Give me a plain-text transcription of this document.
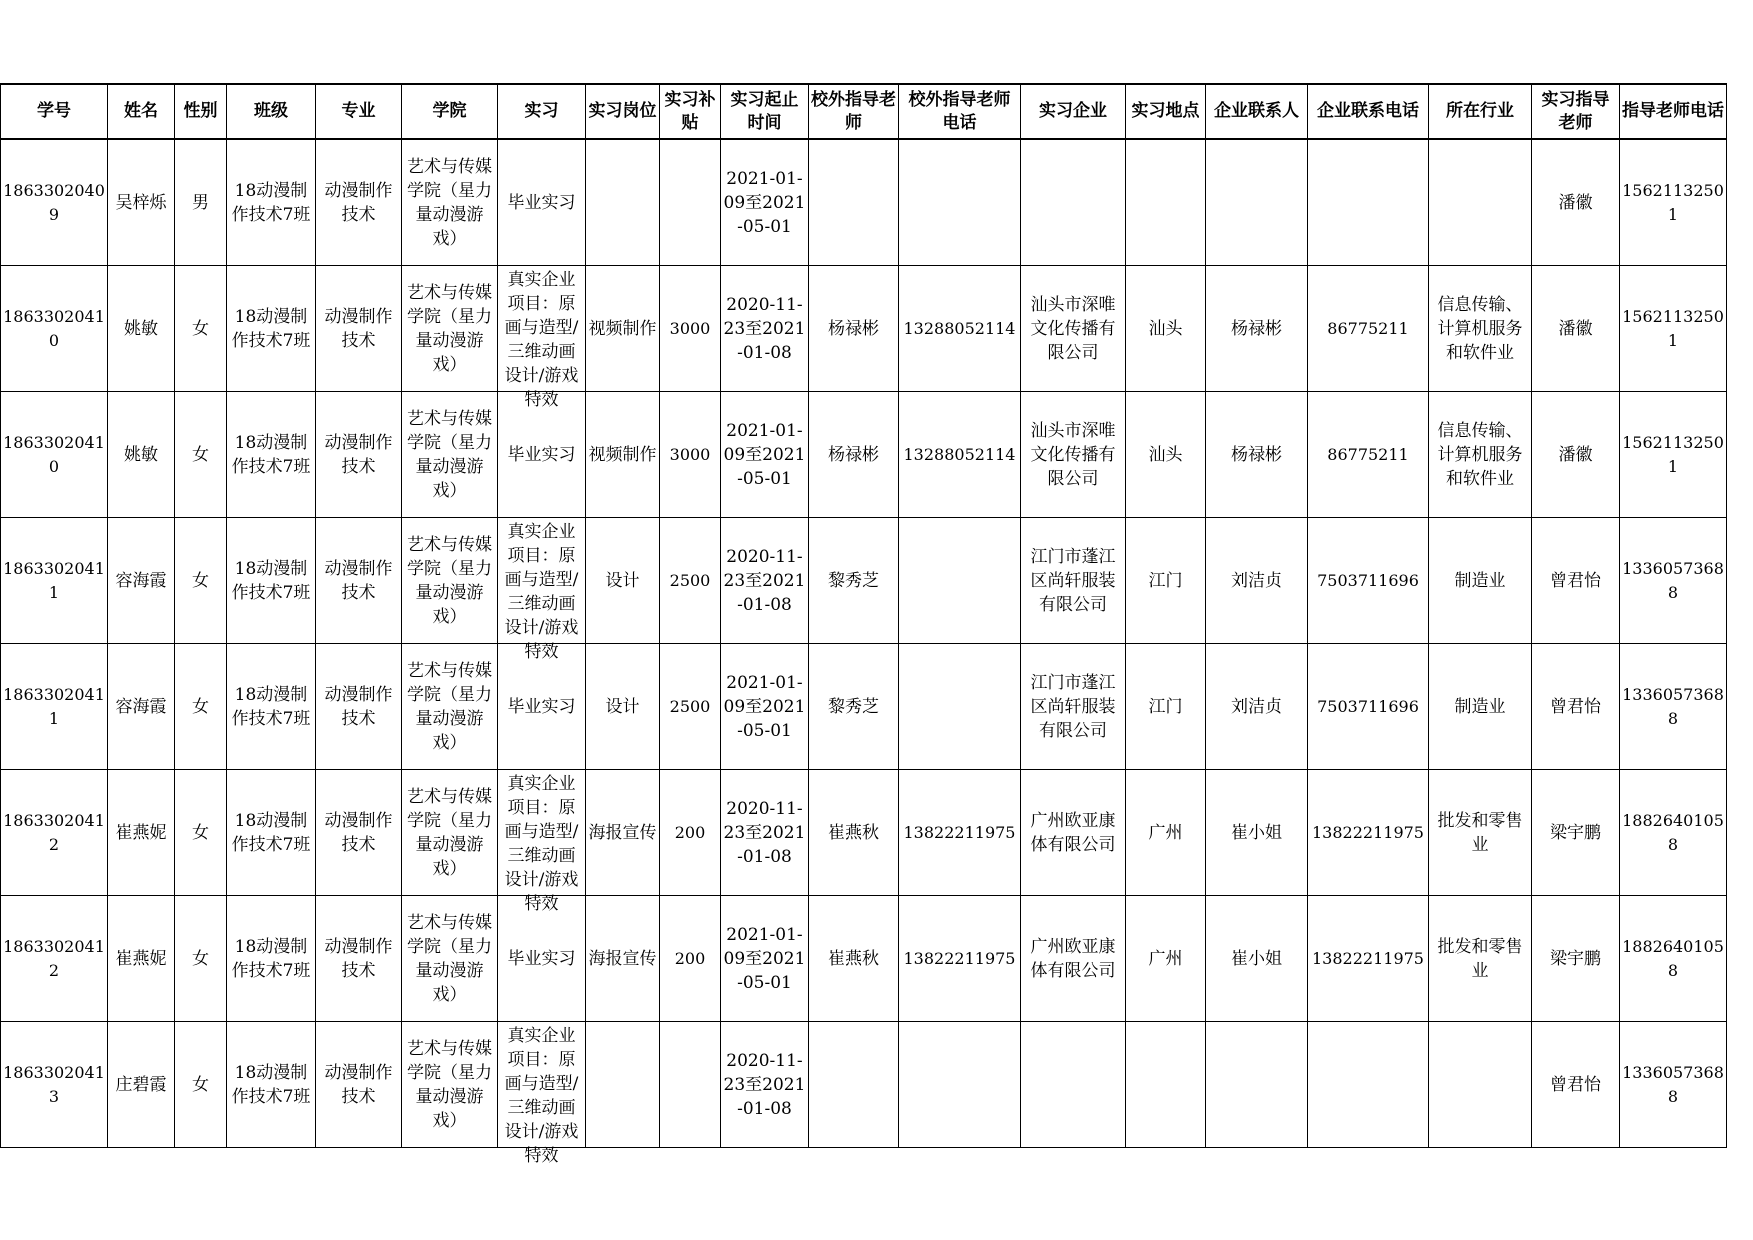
学号	姓名	性别	班级	专业	学院	实习	实习岗位	实习补贴	实习起止时间	校外指导老师	校外指导老师电话	实习企业	实习地点	企业联系人	企业联系电话	所在行业	实习指导老师	指导老师电话
18633020409	吴梓烁	男	18动漫制作技术7班	动漫制作技术	艺术与传媒学院（星力量动漫游戏）	毕业实习			2021-01-09至2021-05-01								潘徽	15621132501
18633020410	姚敏	女	18动漫制作技术7班	动漫制作技术	艺术与传媒学院（星力量动漫游戏）	真实企业项目：原画与造型/三维动画设计/游戏特效	视频制作	3000	2020-11-23至2021-01-08	杨禄彬	13288052114	汕头市深唯文化传播有限公司	汕头	杨禄彬	86775211	信息传输、计算机服务和软件业	潘徽	15621132501
18633020410	姚敏	女	18动漫制作技术7班	动漫制作技术	艺术与传媒学院（星力量动漫游戏）	毕业实习	视频制作	3000	2021-01-09至2021-05-01	杨禄彬	13288052114	汕头市深唯文化传播有限公司	汕头	杨禄彬	86775211	信息传输、计算机服务和软件业	潘徽	15621132501
18633020411	容海霞	女	18动漫制作技术7班	动漫制作技术	艺术与传媒学院（星力量动漫游戏）	真实企业项目：原画与造型/三维动画设计/游戏特效	设计	2500	2020-11-23至2021-01-08	黎秀芝		江门市蓬江区尚轩服装有限公司	江门	刘洁贞	7503711696	制造业	曾君怡	13360573688
18633020411	容海霞	女	18动漫制作技术7班	动漫制作技术	艺术与传媒学院（星力量动漫游戏）	毕业实习	设计	2500	2021-01-09至2021-05-01	黎秀芝		江门市蓬江区尚轩服装有限公司	江门	刘洁贞	7503711696	制造业	曾君怡	13360573688
18633020412	崔燕妮	女	18动漫制作技术7班	动漫制作技术	艺术与传媒学院（星力量动漫游戏）	真实企业项目：原画与造型/三维动画设计/游戏特效	海报宣传	200	2020-11-23至2021-01-08	崔燕秋	13822211975	广州欧亚康体有限公司	广州	崔小姐	13822211975	批发和零售业	梁宇鹏	18826401058
18633020412	崔燕妮	女	18动漫制作技术7班	动漫制作技术	艺术与传媒学院（星力量动漫游戏）	毕业实习	海报宣传	200	2021-01-09至2021-05-01	崔燕秋	13822211975	广州欧亚康体有限公司	广州	崔小姐	13822211975	批发和零售业	梁宇鹏	18826401058
18633020413	庄碧霞	女	18动漫制作技术7班	动漫制作技术	艺术与传媒学院（星力量动漫游戏）	真实企业项目：原画与造型/三维动画设计/游戏特效			2020-11-23至2021-01-08								曾君怡	13360573688
